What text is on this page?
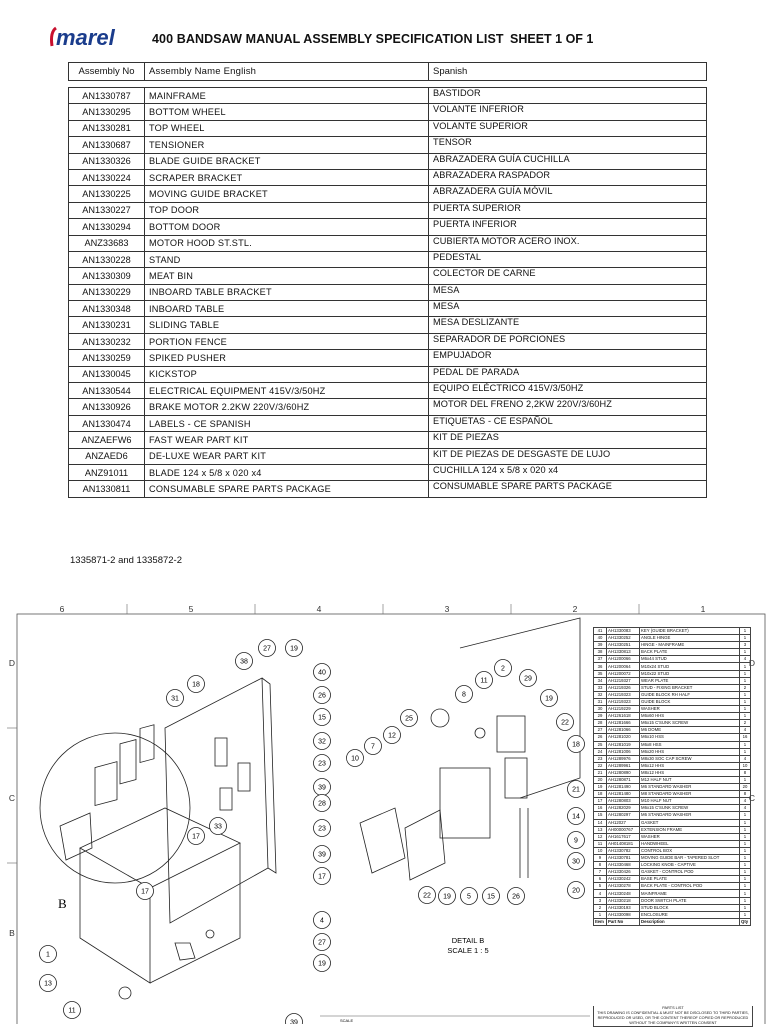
marel	400 BANDSAW MANUAL ASSEMBLY SPECIFICATION LIST SHEET 1 OF 1
Assembly No	Assembly Name English	Spanish

AN1330787	MAINFRAME	BASTIDOR
AN1330295	BOTTOM WHEEL	VOLANTE INFERIOR
AN1330281	TOP WHEEL	VOLANTE SUPERIOR
AN1330687	TENSIONER	TENSOR
AN1330326	BLADE GUIDE BRACKET	ABRAZADERA GUÍA CUCHILLA
AN1330224	SCRAPER BRACKET	ABRAZADERA RASPADOR
AN1330225	MOVING GUIDE BRACKET	ABRAZADERA GUÍA MÓVIL
AN1330227	TOP DOOR	PUERTA SUPERIOR
AN1330294	BOTTOM DOOR	PUERTA INFERIOR
ANZ33683	MOTOR HOOD ST.STL.	CUBIERTA MOTOR ACERO INOX.
AN1330228	STAND	PEDESTAL
AN1330309	MEAT BIN	COLECTOR DE CARNE
AN1330229	INBOARD TABLE BRACKET	MESA
AN1330348	INBOARD TABLE	MESA
AN1330231	SLIDING TABLE	MESA DESLIZANTE
AN1330232	PORTION FENCE	SEPARADOR DE PORCIONES
AN1330259	SPIKED PUSHER	EMPUJADOR
AN1330045	KICKSTOP	PEDAL DE PARADA
AN1330544	ELECTRICAL EQUIPMENT 415V/3/50HZ	EQUIPO ELÉCTRICO 415V/3/50HZ
AN1330926	BRAKE MOTOR 2.2KW 220V/3/60HZ	MOTOR DEL FRENO 2,2KW 220V/3/60HZ
AN1330474	LABELS - CE SPANISH	ETIQUETAS - CE ESPAÑOL
ANZAEFW6	FAST WEAR PART KIT	KIT DE PIEZAS
ANZAED6	DE-LUXE WEAR PART KIT	KIT DE PIEZAS DE DESGASTE DE LUJO
ANZ91011	BLADE 124 x 5/8 x 020 x4	CUCHILLA 124 x 5/8 x 020 x4
AN1330811	CONSUMABLE SPARE PARTS PACKAGE	CONSUMABLE SPARE PARTS PACKAGE
1335871-2 and 1335872-2
6	5	4	3	2	1
D
C
B
D
C
38
27	19
40
26
15
31
18
32
23
39
28
23
39
17
33
17
17
4
27
19
1
13
11
39
2
11	29
8
25
12
7
19
22
18
10
21
14
9
30
20
22 19 5 15 26
B
DETAIL B
SCALE 1 : 5
SCALE
41	AH1330083	KEY (GUIDE BRACKET)	1
40	AH1330252	ANGLE HINGE	1
39	AH1330251	HINGE - MAINFRAME	3
38	AH1330813	BACK PLATE	1
37	AH1200066	M6x44 STUD	4
36	AH1200064	M10x24 STUD	1
35	AH1200072	M10x22 STUD	1
34	AH1219327	WEAR PLATE	1
33	AH1219326	STUD - FIXING BRACKET	2
32	AH1219323	GUIDE BLOCK RH HALF	1
31	AH1219323	GUIDE BLOCK	1
30	AH1219229	WASHER	1
29	AH1261618	M6x60 HHS	1
28	AH1281666	M6x15 C'SUNK SCREW	2
27	AH1281066	M6 DOME	4
26	AH1281020	M6x10 HSS	16
25	AH1281019	M6x8 HSS	1
24	AH1281006	M6x20 HHS	1
23	AH1289976	M8x30 SOC CAP SCREW	4
22	AH1289961	M6x12 HHS	10
21	AH1280890	M8x12 HHS	8
20	AH1280871	M12 HALF NUT	1
19	AH1281490	M6 STANDARD WASHER	20
18	AH1281480	M8 STANDARD WASHER	8
17	AH1280803	M10 HALF NUT	4
16	AH1282029	M6x15 C'SUNK SCREW	4
15	AH1280297	M6 STANDARD WASHER	1
14	AH12027	GASKET	1
13	AH00000767	EXTENSION FRAME	1
12	AH1617617	WASHER	1
11	AH01408181	HANDWHEEL	1
10	AH1330782	CONTROL BOX	1
9	AH1330781	MOVING GUIDE BAR - TAPERED SLOT	1
8	AH1330468	LOCKING KNOB - CAPTIVE	1
7	AH1330426	GASKET - CONTROL POD	1
6	AH1330242	BASE PLATE	1
5	AH1330278	BACK PLATE - CONTROL POD	1
4	AH1330248	MAINFRAME	1
3	AH1330218	DOOR SWITCH PLATE	1
2	AH1330193	STUD BLOCK	1
1	AH1330098	ENCLOSURE	1
Item	Part No	Description	Qty
PARTS LIST
THIS DRAWING IS CONFIDENTIAL & MUST NOT BE DISCLOSED TO THIRD PARTIES, REPRODUCED OR USED, OR THE CONTENT THEREOF COPIED OR REPRODUCED WITHOUT THE COMPANY'S WRITTEN CONSENT
